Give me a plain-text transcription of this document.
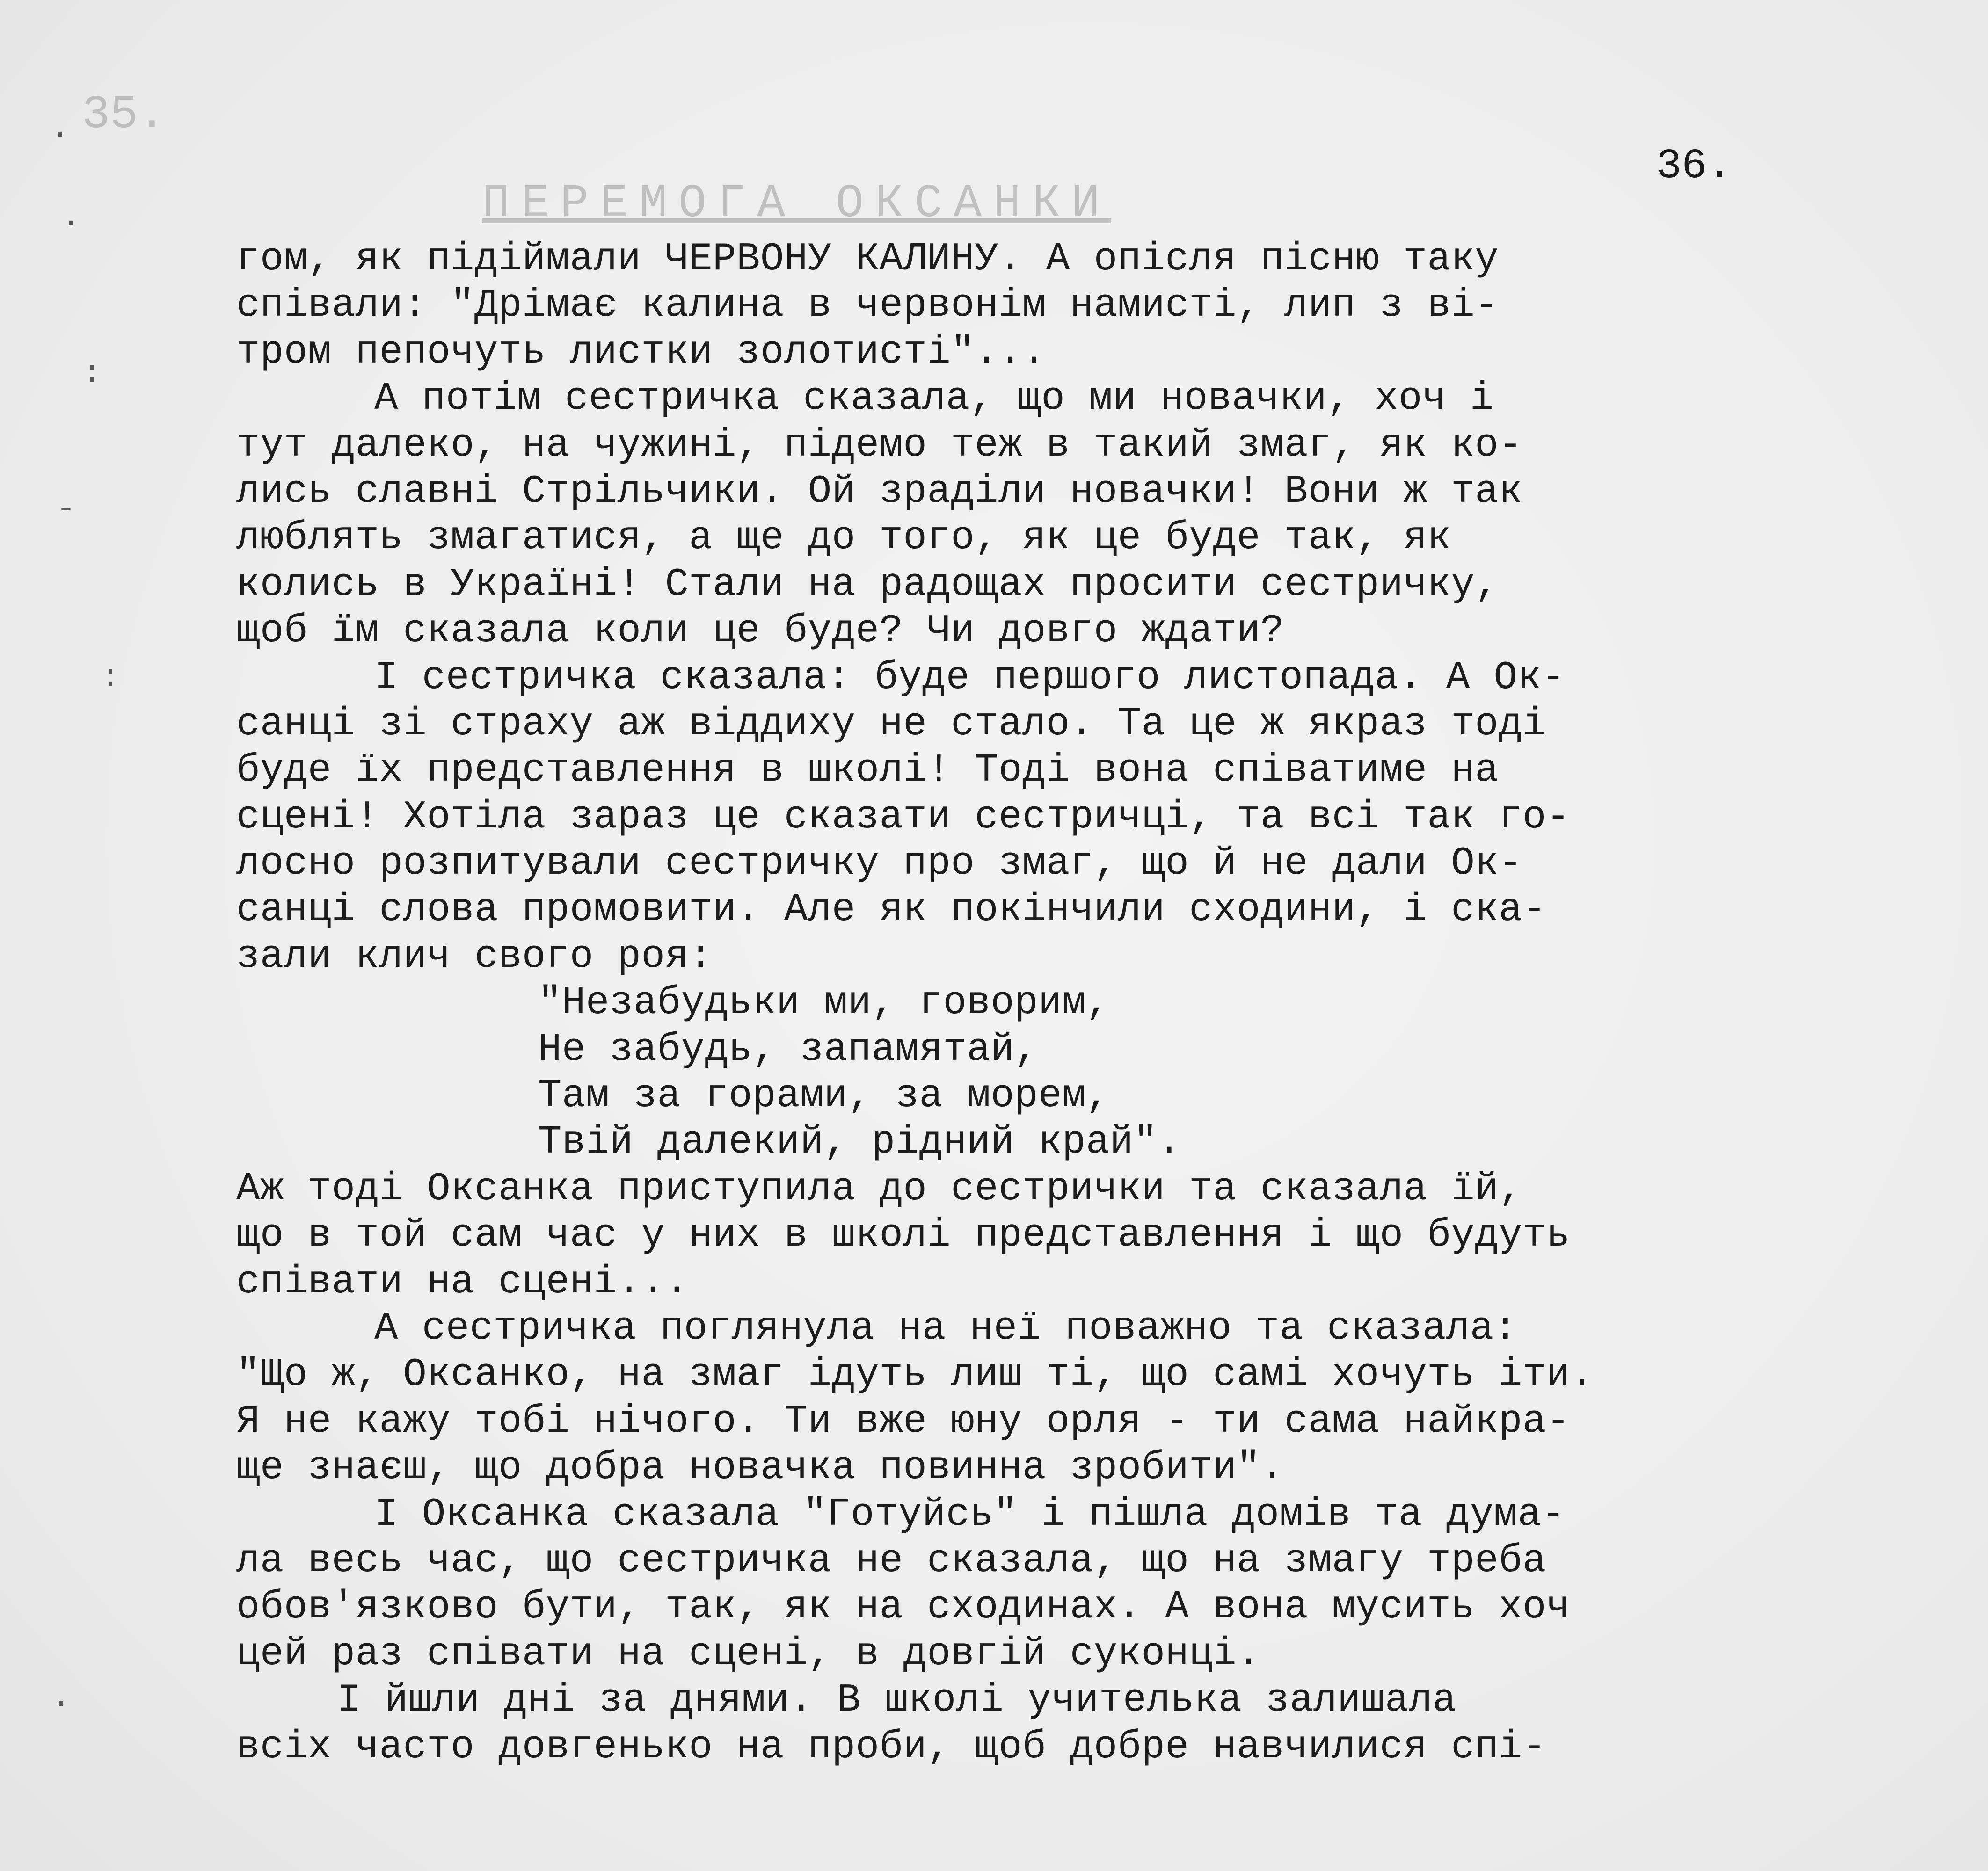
35.
ПЕРЕМОГА ОКСАНКИ
.
.
:
-
:
.
36.
гом, як підіймали ЧЕРВОНУ КАЛИНУ. А опісля пісню таку
співали: "Дрімає калина в червонім намисті, лип з ві-
тром пепочуть листки золотисті"...
А потім сестричка сказала, що ми новачки, хоч і
тут далеко, на чужині, підемо теж в такий змаг, як ко-
лись славні Стрільчики. Ой зраділи новачки! Вони ж так
люблять змагатися, а ще до того, як це буде так, як
колись в Україні! Стали на радощах просити сестричку,
щоб їм сказала коли це буде? Чи довго ждати?
І сестричка сказала: буде першого листопада. А Ок-
санці зі страху аж віддиху не стало. Та це ж якраз тоді
буде їх представлення в школі! Тоді вона співатиме на
сцені! Хотіла зараз це сказати сестричці, та всі так го-
лосно розпитували сестричку про змаг, що й не дали Ок-
санці слова промовити. Але як покінчили сходини, і ска-
зали клич свого роя:
"Незабудьки ми, говорим,
Не забудь, запамятай,
Там за горами, за морем,
Твій далекий, рідний край".
Аж тоді Оксанка приступила до сестрички та сказала їй,
що в той сам час у них в школі представлення і що будуть
співати на сцені...
А сестричка поглянула на неї поважно та сказала:
"Що ж, Оксанко, на змаг ідуть лиш ті, що самі хочуть іти.
Я не кажу тобі нічого. Ти вже юну орля - ти сама найкра-
ще знаєш, що добра новачка повинна зробити".
І Оксанка сказала "Готуйсь" і пішла домів та дума-
ла весь час, що сестричка не сказала, що на змагу треба
обов'язково бути, так, як на сходинах. А вона мусить хоч
цей раз співати на сцені, в довгій суконці.
І йшли дні за днями. В школі учителька залишала
всіх часто довгенько на проби, щоб добре навчилися спі-
